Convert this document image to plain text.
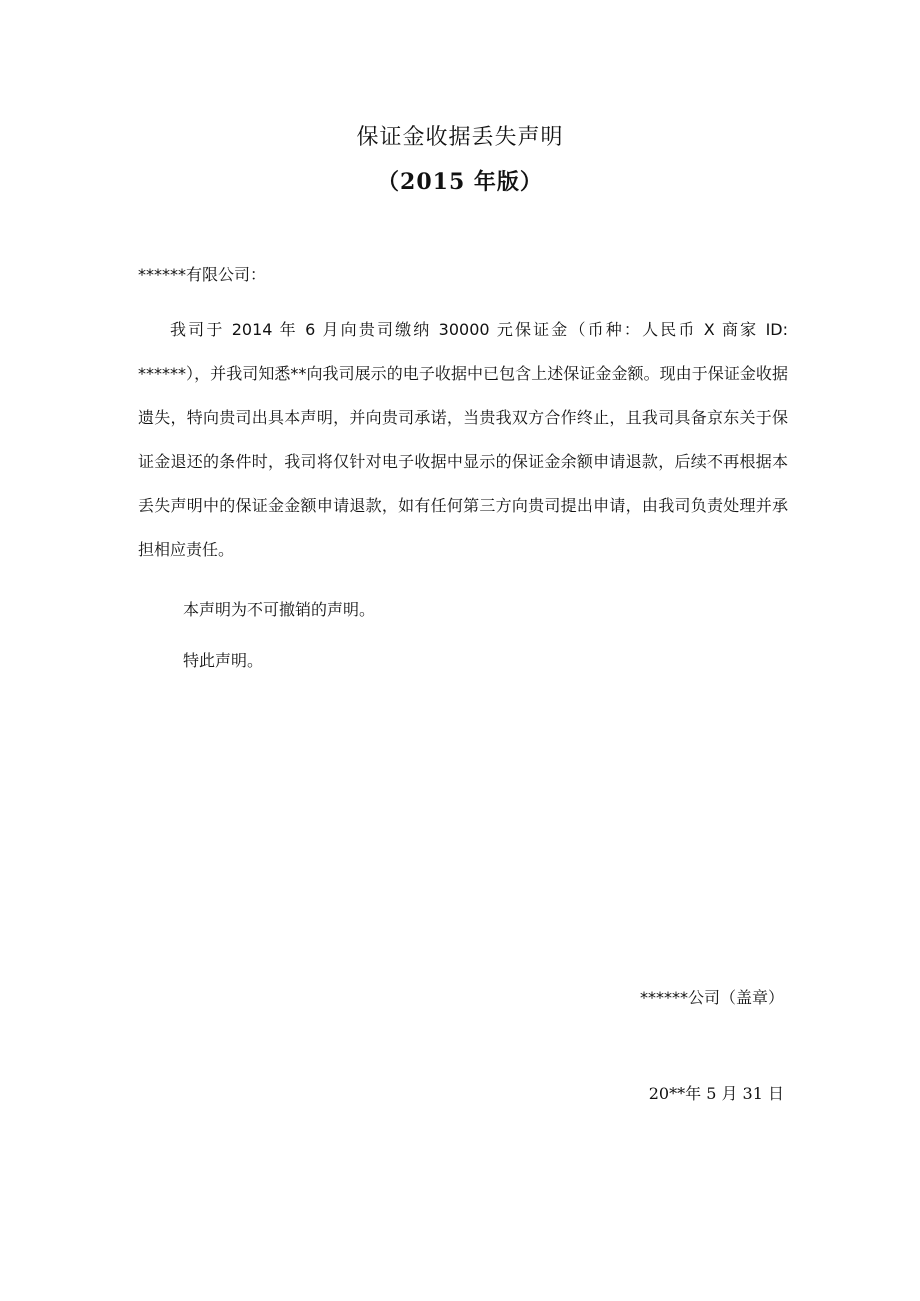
保证金收据丢失声明
（2015 年版）
******有限公司：

我司于 2014 年 6 月向贵司缴纳 30000 元保证金（币种：人民币 X 商家 ID: ******），并我司知悉**向我司展示的电子收据中已包含上述保证金金额。现由于保证金收据遗失，特向贵司出具本声明，并向贵司承诺，当贵我双方合作终止，且我司具备京东关于保证金退还的条件时，我司将仅针对电子收据中显示的保证金余额申请退款，后续不再根据本丢失声明中的保证金金额申请退款，如有任何第三方向贵司提出申请，由我司负责处理并承担相应责任。

本声明为不可撤销的声明。
特此声明。
******公司（盖章）
20**年 5 月 31 日
